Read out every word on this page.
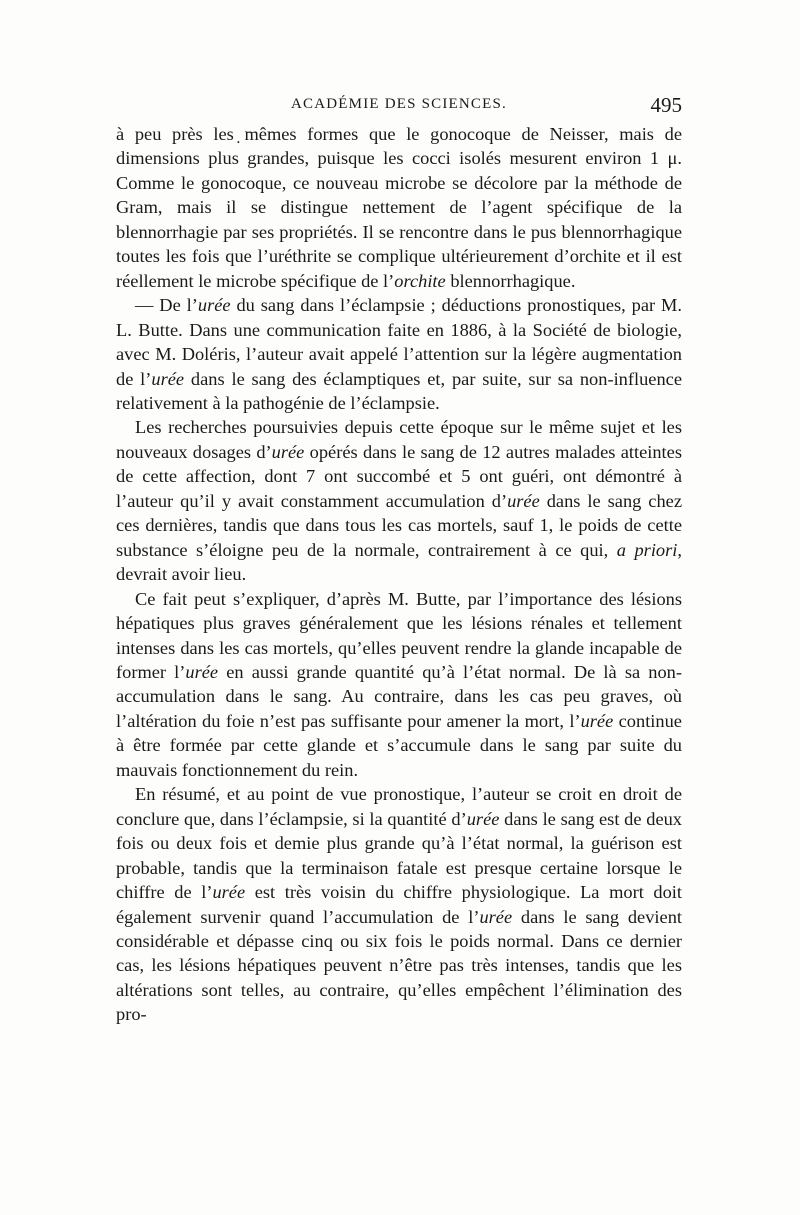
ACADÉMIE DES SCIENCES.	495

à peu près les ̣mêmes formes que le gonocoque de Neisser, mais de dimensions plus grandes, puisque les cocci isolés mesurent environ 1 μ. Comme le gonocoque, ce nouveau microbe se décolore par la méthode de Gram, mais il se distingue nettement de l’agent spécifique de la blennorrhagie par ses propriétés. Il se rencontre dans le pus blennorrhagique toutes les fois que l’uréthrite se complique ultérieurement d’orchite et il est réellement le microbe spécifique de l’orchite blennorrhagique.

— De l’urée du sang dans l’éclampsie ; déductions pronostiques, par M. L. Butte. Dans une communication faite en 1886, à la Société de biologie, avec M. Doléris, l’auteur avait appelé l’attention sur la légère augmentation de l’urée dans le sang des éclamptiques et, par suite, sur sa non-influence relativement à la pathogénie de l’éclampsie.

Les recherches poursuivies depuis cette époque sur le même sujet et les nouveaux dosages d’urée opérés dans le sang de 12 autres malades atteintes de cette affection, dont 7 ont succombé et 5 ont guéri, ont démontré à l’auteur qu’il y avait constamment accumulation d’urée dans le sang chez ces dernières, tandis que dans tous les cas mortels, sauf 1, le poids de cette substance s’éloigne peu de la normale, contrairement à ce qui, a priori, devrait avoir lieu.

Ce fait peut s’expliquer, d’après M. Butte, par l’importance des lésions hépatiques plus graves généralement que les lésions rénales et tellement intenses dans les cas mortels, qu’elles peuvent rendre la glande incapable de former l’urée en aussi grande quantité qu’à l’état normal. De là sa non-accumulation dans le sang. Au contraire, dans les cas peu graves, où l’altération du foie n’est pas suffisante pour amener la mort, l’urée continue à être formée par cette glande et s’accumule dans le sang par suite du mauvais fonctionnement du rein.

En résumé, et au point de vue pronostique, l’auteur se croit en droit de conclure que, dans l’éclampsie, si la quantité d’urée dans le sang est de deux fois ou deux fois et demie plus grande qu’à l’état normal, la guérison est probable, tandis que la terminaison fatale est presque certaine lorsque le chiffre de l’urée est très voisin du chiffre physiologique. La mort doit également survenir quand l’accumulation de l’urée dans le sang devient considérable et dépasse cinq ou six fois le poids normal. Dans ce dernier cas, les lésions hépatiques peuvent n’être pas très intenses, tandis que les altérations sont telles, au contraire, qu’elles empêchent l’élimination des pro-
